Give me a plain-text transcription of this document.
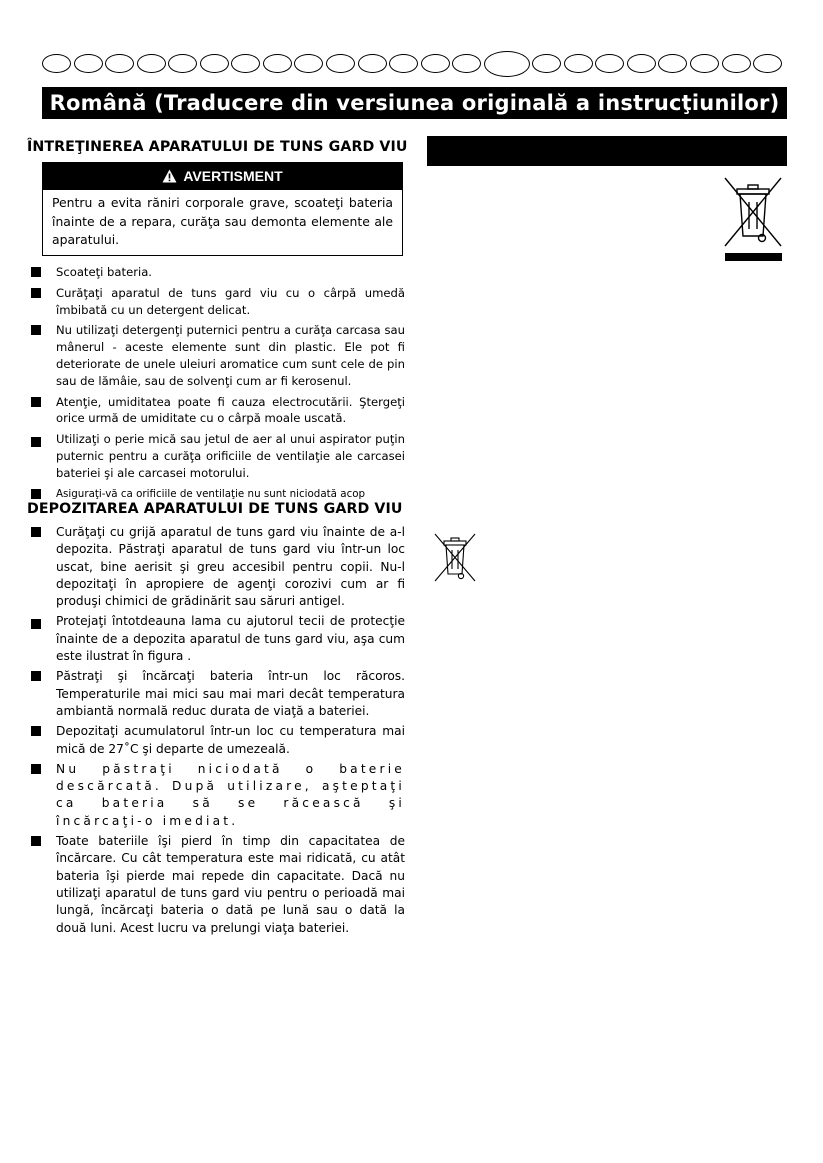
Română (Traducere din versiunea originală a instrucţiunilor)
ÎNTREŢINEREA APARATULUI DE TUNS GARD VIU
AVERTISMENT
Pentru a evita răniri corporale grave, scoateţi bateria înainte de a repara, curăţa sau demonta elemente ale aparatului.
Scoateţi bateria.
Curăţaţi aparatul de tuns gard viu cu o cârpă umedă îmbibată cu un detergent delicat.
Nu utilizaţi detergenţi puternici pentru a curăţa carcasa sau mânerul - aceste elemente sunt din plastic. Ele pot fi deteriorate de unele uleiuri aromatice cum sunt cele de pin sau de lămâie, sau de solvenţi cum ar fi kerosenul.
Atenţie, umiditatea poate fi cauza electrocutării. Ştergeţi orice urmă de umiditate cu o cârpă moale uscată.
Utilizaţi o perie mică sau jetul de aer al unui aspirator puţin puternic pentru a curăţa orificiile de ventilaţie ale carcasei bateriei şi ale carcasei motorului.
Asiguraţi-vă ca orificiile de ventilaţie nu sunt niciodată acop
DEPOZITAREA APARATULUI DE TUNS GARD VIU
Curăţaţi cu grijă aparatul de tuns gard viu înainte de a-l depozita. Păstraţi aparatul de tuns gard viu într-un loc uscat, bine aerisit şi greu accesibil pentru copii. Nu-l depozitaţi în apropiere de agenţi corozivi cum ar fi produşi chimici de grădinărit sau săruri antigel.
Protejaţi întotdeauna lama cu ajutorul tecii de protecţie înainte de a depozita aparatul de tuns gard viu, aşa cum este ilustrat în figura .
Păstraţi şi încărcaţi bateria într-un loc răcoros. Temperaturile mai mici sau mai mari decât temperatura ambiantă normală reduc durata de viaţă a bateriei.
Depozitaţi acumulatorul într-un loc cu temperatura mai mică de 27˚C şi departe de umezeală.
Nu păstraţi niciodată o baterie descărcată. După utilizare, aşteptaţi ca bateria să se răcească şi încărcaţi-o imediat.
Toate bateriile îşi pierd în timp din capacitatea de încărcare. Cu cât temperatura este mai ridicată, cu atât bateria îşi pierde mai repede din capacitate. Dacă nu utilizaţi aparatul de tuns gard viu pentru o perioadă mai lungă, încărcaţi bateria o dată pe lună sau o dată la două luni. Acest lucru va prelungi viaţa bateriei.
